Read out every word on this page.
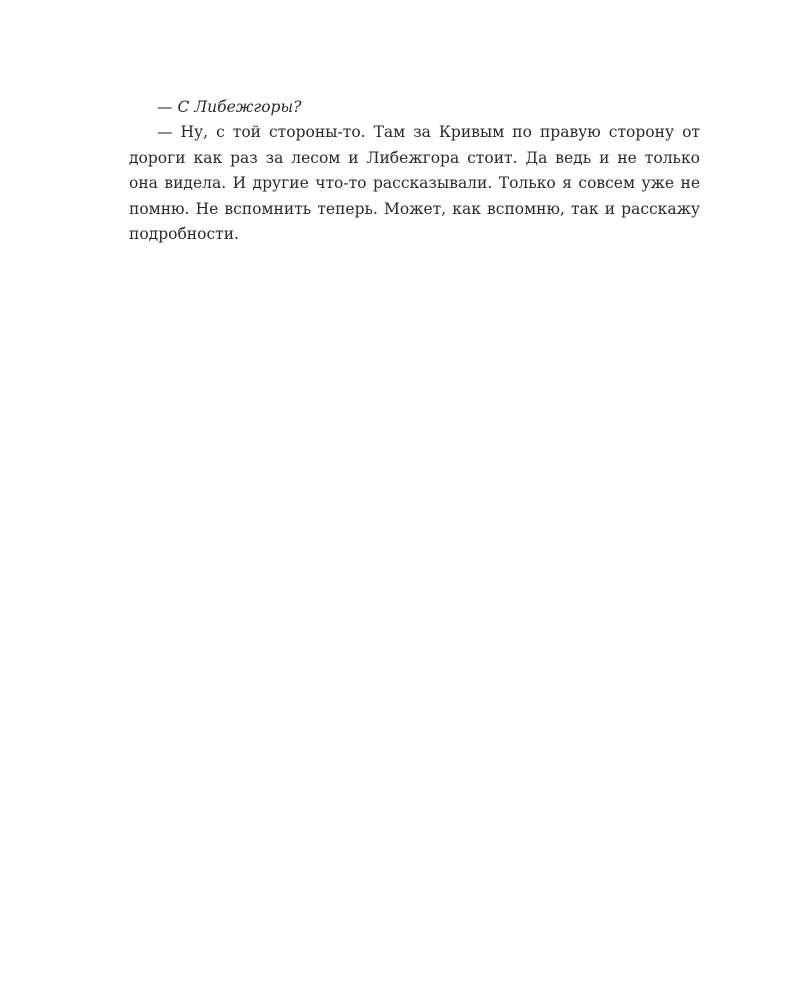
— С Либежгоры?
— Ну, с той стороны-то. Там за Кривым по правую сторону от
дороги как раз за лесом и Либежгора стоит. Да ведь и не только
она видела. И другие что-то рассказывали. Только я совсем уже не
помню. Не вспомнить теперь. Может, как вспомню, так и расскажу
подробности.
